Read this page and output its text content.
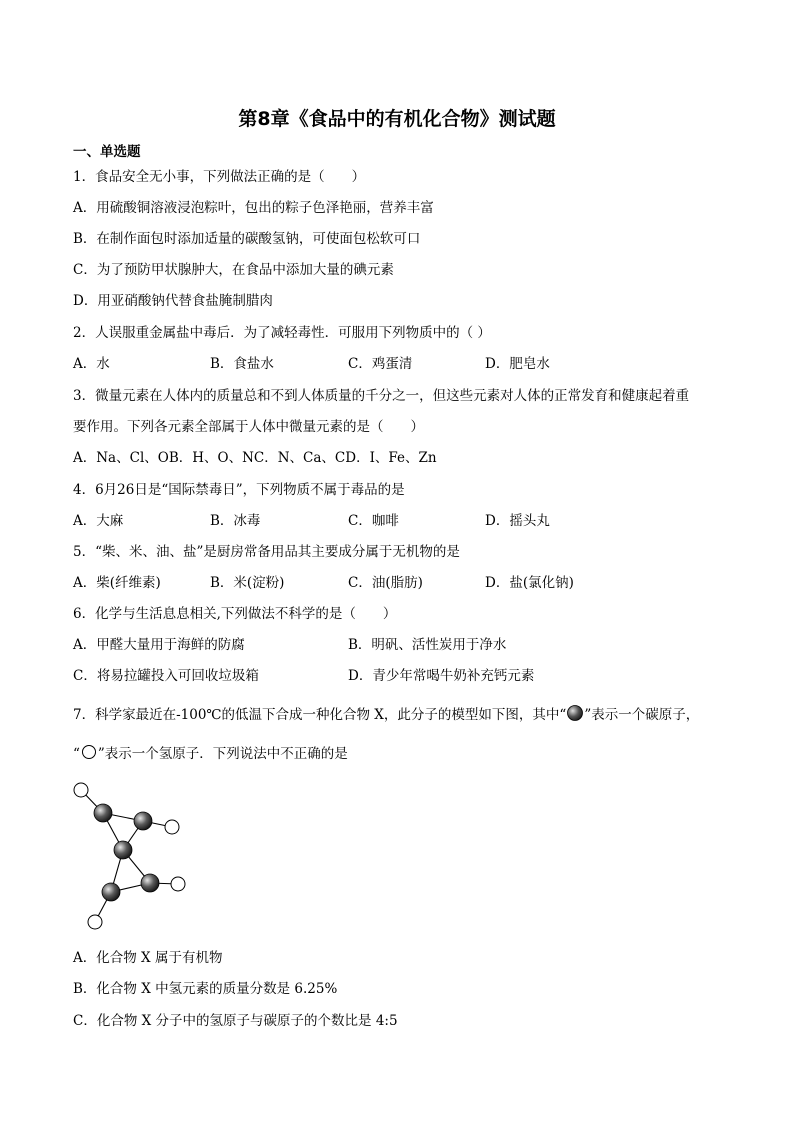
第8章《食品中的有机化合物》测试题
一、单选题
1．食品安全无小事，下列做法正确的是（　　）
A．用硫酸铜溶液浸泡粽叶，包出的粽子色泽艳丽，营养丰富
B．在制作面包时添加适量的碳酸氢钠，可使面包松软可口
C．为了预防甲状腺肿大，在食品中添加大量的碘元素
D．用亚硝酸钠代替食盐腌制腊肉
2．人误服重金属盐中毒后．为了减轻毒性．可服用下列物质中的（ ）
A．水	B．食盐水	C．鸡蛋清	D．肥皂水
3．微量元素在人体内的质量总和不到人体质量的千分之一，但这些元素对人体的正常发育和健康起着重
要作用。下列各元素全部属于人体中微量元素的是（　　）
A．Na、Cl、OB．H、O、NC．N、Ca、CD．I、Fe、Zn
4．6月26日是“国际禁毒日”，下列物质不属于毒品的是
A．大麻	B．冰毒	C．咖啡	D．摇头丸
5．“柴、米、油、盐”是厨房常备用品其主要成分属于无机物的是
A．柴(纤维素)	B．米(淀粉)	C．油(脂肪)	D．盐(氯化钠)
6．化学与生活息息相关,下列做法不科学的是（　　）
A．甲醛大量用于海鲜的防腐	B．明矾、活性炭用于净水
C．将易拉罐投入可回收垃圾箱	D．青少年常喝牛奶补充钙元素
7．科学家最近在-100℃的低温下合成一种化合物 X，此分子的模型如下图，其中“ ”表示一个碳原子，
“ ”表示一个氢原子．下列说法中不正确的是
A．化合物 X 属于有机物
B．化合物 X 中氢元素的质量分数是 6.25%
C．化合物 X 分子中的氢原子与碳原子的个数比是 4:5
